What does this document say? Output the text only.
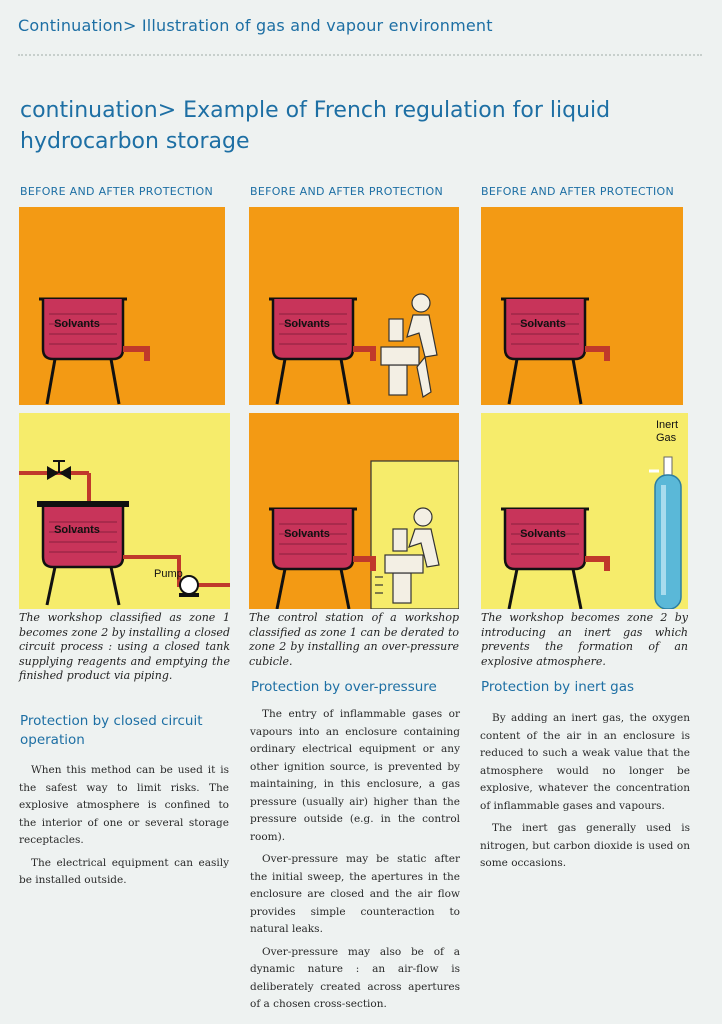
Continuation> Illustration of gas and vapour environment
continuation> Example of French regulation for liquid hydrocarbon storage
BEFORE AND AFTER PROTECTION	BEFORE AND AFTER PROTECTION	BEFORE AND AFTER PROTECTION
Solvants
Solvants
Pump
The workshop classified as zone 1 becomes zone 2 by installing a closed circuit process : using a closed tank supplying reagents and emptying the finished product via piping.
Protection by closed circuit operation

When this method can be used it is the safest way to limit risks. The explosive atmosphere is confined to the interior of one or several storage receptacles.

The electrical equipment can easily be installed outside.

Solvants
Solvants
The control station of a workshop classified as zone 1 can be derated to zone 2 by installing an over-pressure cubicle.
Protection by over-pressure

The entry of inflammable gases or vapours into an enclosure containing ordinary electrical equipment or any other ignition source, is prevented by maintaining, in this enclosure, a gas pressure (usually air) higher than the pressure outside (e.g. in the control room).

Over-pressure may be static after the initial sweep, the apertures in the enclosure are closed and the air flow provides simple counteraction to natural leaks.

Over-pressure may also be of a dynamic nature : an air-flow is deliberately created across apertures of a chosen cross-section.

Solvants
Solvants
Inert
Gas
The workshop becomes zone 2 by introducing an inert gas which prevents the formation of an explosive atmosphere.
Protection by inert gas

By adding an inert gas, the oxygen content of the air in an enclosure is reduced to such a weak value that the atmosphere would no longer be explosive, whatever the concentration of inflammable gases and vapours.

The inert gas generally used is nitrogen, but carbon dioxide is used on some occasions.
